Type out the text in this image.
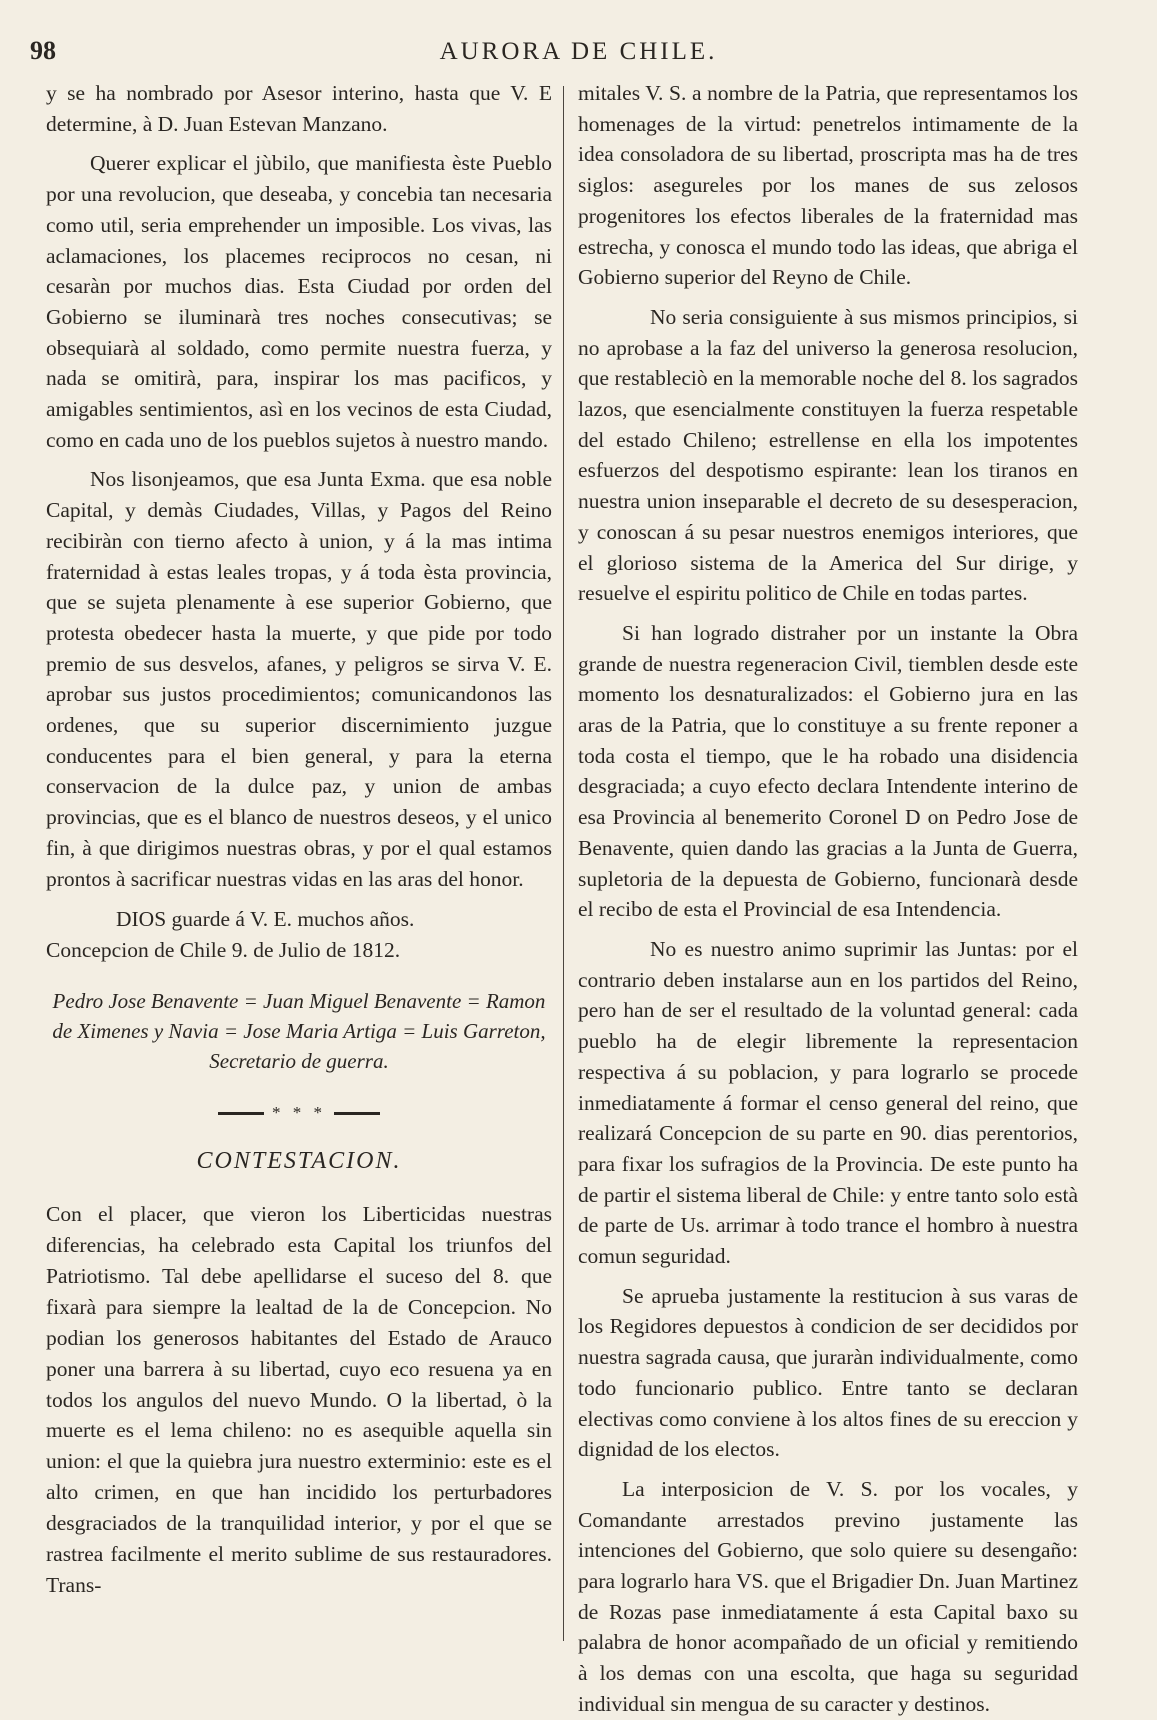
98	AURORA DE CHILE.

y se ha nombrado por Asesor interino, hasta que V. E determine, à D. Juan Estevan Manzano.

Querer explicar el jùbilo, que manifiesta èste Pueblo por una revolucion, que deseaba, y concebia tan necesaria como util, seria emprehender un imposible. Los vivas, las aclamaciones, los placemes reciprocos no cesan, ni cesaràn por muchos dias. Esta Ciudad por orden del Gobierno se iluminarà tres noches consecutivas; se obsequiarà al soldado, como permite nuestra fuerza, y nada se omitirà, para, inspirar los mas pacificos, y amigables sentimientos, asì en los vecinos de esta Ciudad, como en cada uno de los pueblos sujetos à nuestro mando.

Nos lisonjeamos, que esa Junta Exma. que esa noble Capital, y demàs Ciudades, Villas, y Pagos del Reino recibiràn con tierno afecto à union, y á la mas intima fraternidad à estas leales tropas, y á toda èsta provincia, que se sujeta plenamente à ese superior Gobierno, que protesta obedecer hasta la muerte, y que pide por todo premio de sus desvelos, afanes, y peligros se sirva V. E. aprobar sus justos procedimientos; comunicandonos las ordenes, que su superior discernimiento juzgue conducentes para el bien general, y para la eterna conservacion de la dulce paz, y union de ambas provincias, que es el blanco de nuestros deseos, y el unico fin, à que dirigimos nuestras obras, y por el qual estamos prontos à sacrificar nuestras vidas en las aras del honor.

DIOS guarde á V. E. muchos años.

Concepcion de Chile 9. de Julio de 1812.

Pedro Jose Benavente = Juan Miguel Benavente = Ramon de Ximenes y Navia = Jose Maria Artiga = Luis Garreton, Secretario de guerra.

* * *
CONTESTACION.

Con el placer, que vieron los Liberticidas nuestras diferencias, ha celebrado esta Capital los triunfos del Patriotismo. Tal debe apellidarse el suceso del 8. que fixarà para siempre la lealtad de la de Concepcion. No podian los generosos habitantes del Estado de Arauco poner una barrera à su libertad, cuyo eco resuena ya en todos los angulos del nuevo Mundo. O la libertad, ò la muerte es el lema chileno: no es asequible aquella sin union: el que la quiebra jura nuestro exterminio: este es el alto crimen, en que han incidido los perturbadores desgraciados de la tranquilidad interior, y por el que se rastrea facilmente el merito sublime de sus restauradores. Trans-

mitales V. S. a nombre de la Patria, que representamos los homenages de la virtud: penetrelos intimamente de la idea consoladora de su libertad, proscripta mas ha de tres siglos: asegureles por los manes de sus zelosos progenitores los efectos liberales de la fraternidad mas estrecha, y conosca el mundo todo las ideas, que abriga el Gobierno superior del Reyno de Chile.

No seria consiguiente à sus mismos principios, si no aprobase a la faz del universo la generosa resolucion, que restableciò en la memorable noche del 8. los sagrados lazos, que esencialmente constituyen la fuerza respetable del estado Chileno; estrellense en ella los impotentes esfuerzos del despotismo espirante: lean los tiranos en nuestra union inseparable el decreto de su desesperacion, y conoscan á su pesar nuestros enemigos interiores, que el glorioso sistema de la America del Sur dirige, y resuelve el espiritu politico de Chile en todas partes.

Si han logrado distraher por un instante la Obra grande de nuestra regeneracion Civil, tiemblen desde este momento los desnaturalizados: el Gobierno jura en las aras de la Patria, que lo constituye a su frente reponer a toda costa el tiempo, que le ha robado una disidencia desgraciada; a cuyo efecto declara Intendente interino de esa Provincia al benemerito Coronel D on Pedro Jose de Benavente, quien dando las gracias a la Junta de Guerra, supletoria de la depuesta de Gobierno, funcionarà desde el recibo de esta el Provincial de esa Intendencia.

No es nuestro animo suprimir las Juntas: por el contrario deben instalarse aun en los partidos del Reino, pero han de ser el resultado de la voluntad general: cada pueblo ha de elegir libremente la representacion respectiva á su poblacion, y para lograrlo se procede inmediatamente á formar el censo general del reino, que realizará Concepcion de su parte en 90. dias perentorios, para fixar los sufragios de la Provincia. De este punto ha de partir el sistema liberal de Chile: y entre tanto solo està de parte de Us. arrimar à todo trance el hombro à nuestra comun seguridad.

Se aprueba justamente la restitucion à sus varas de los Regidores depuestos à condicion de ser decididos por nuestra sagrada causa, que juraràn individualmente, como todo funcionario publico. Entre tanto se declaran electivas como conviene à los altos fines de su ereccion y dignidad de los electos.

La interposicion de V. S. por los vocales, y Comandante arrestados previno justamente las intenciones del Gobierno, que solo quiere su desengaño: para lograrlo hara VS. que el Brigadier Dn. Juan Martinez de Rozas pase inmediatamente á esta Capital baxo su palabra de honor acompañado de un oficial y remitiendo à los demas con una escolta, que haga su seguridad individual sin mengua de su caracter y destinos.
